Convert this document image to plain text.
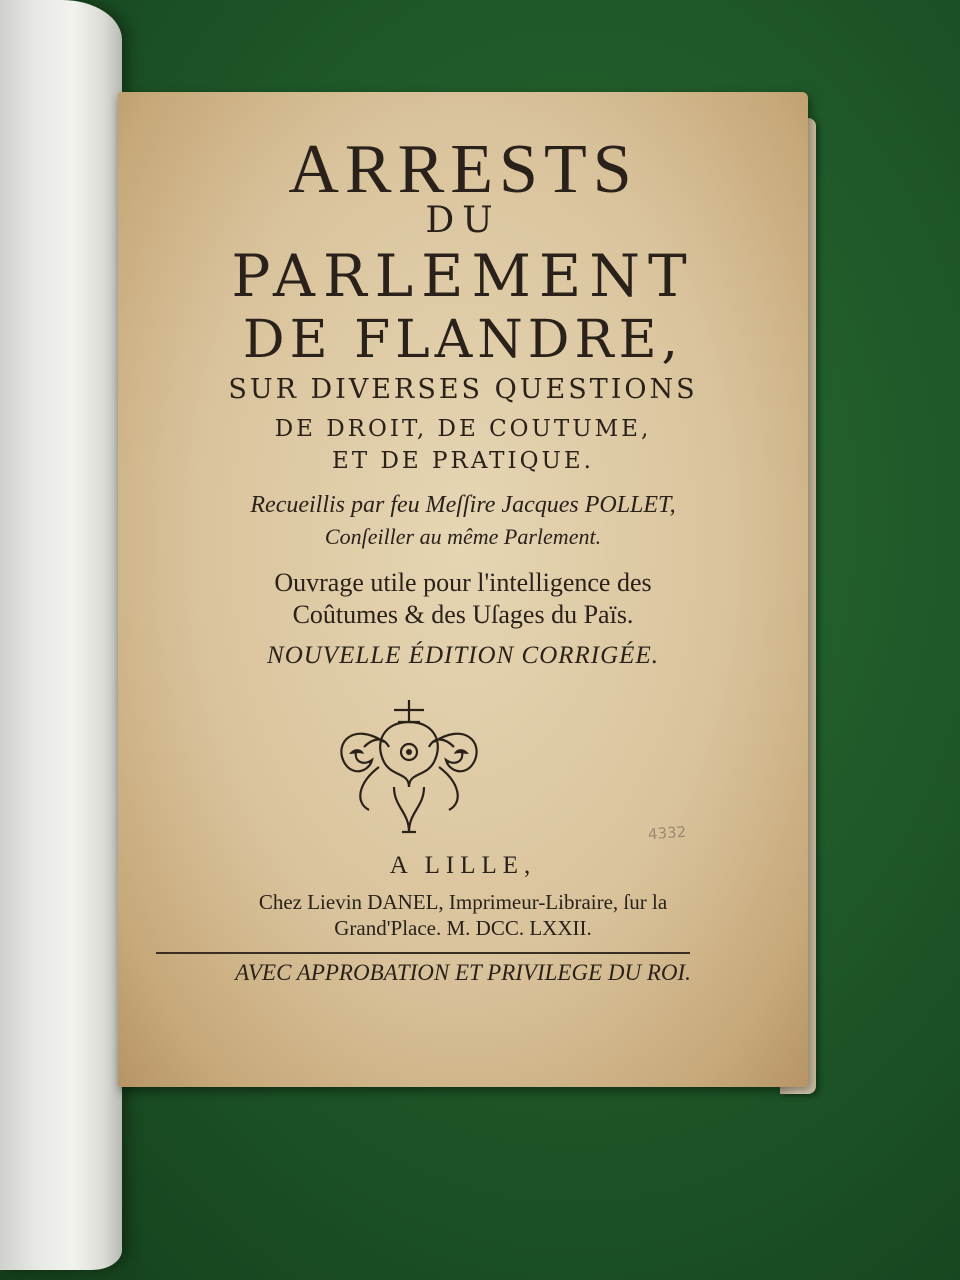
ARRESTS
DU
PARLEMENT
DE FLANDRE,
SUR DIVERSES QUESTIONS
DE DROIT, DE COUTUME,
ET DE PRATIQUE.
Recueillis par feu Meſſire Jacques POLLET,
Conſeiller au même Parlement.
Ouvrage utile pour l'intelligence des
Coûtumes & des Uſages du Païs.
NOUVELLE ÉDITION CORRIGÉE.
4332
A LILLE,
Chez Lievin DANEL, Imprimeur-Libraire, ſur la
Grand'Place. M. DCC. LXXII.
AVEC APPROBATION ET PRIVILEGE DU ROI.
